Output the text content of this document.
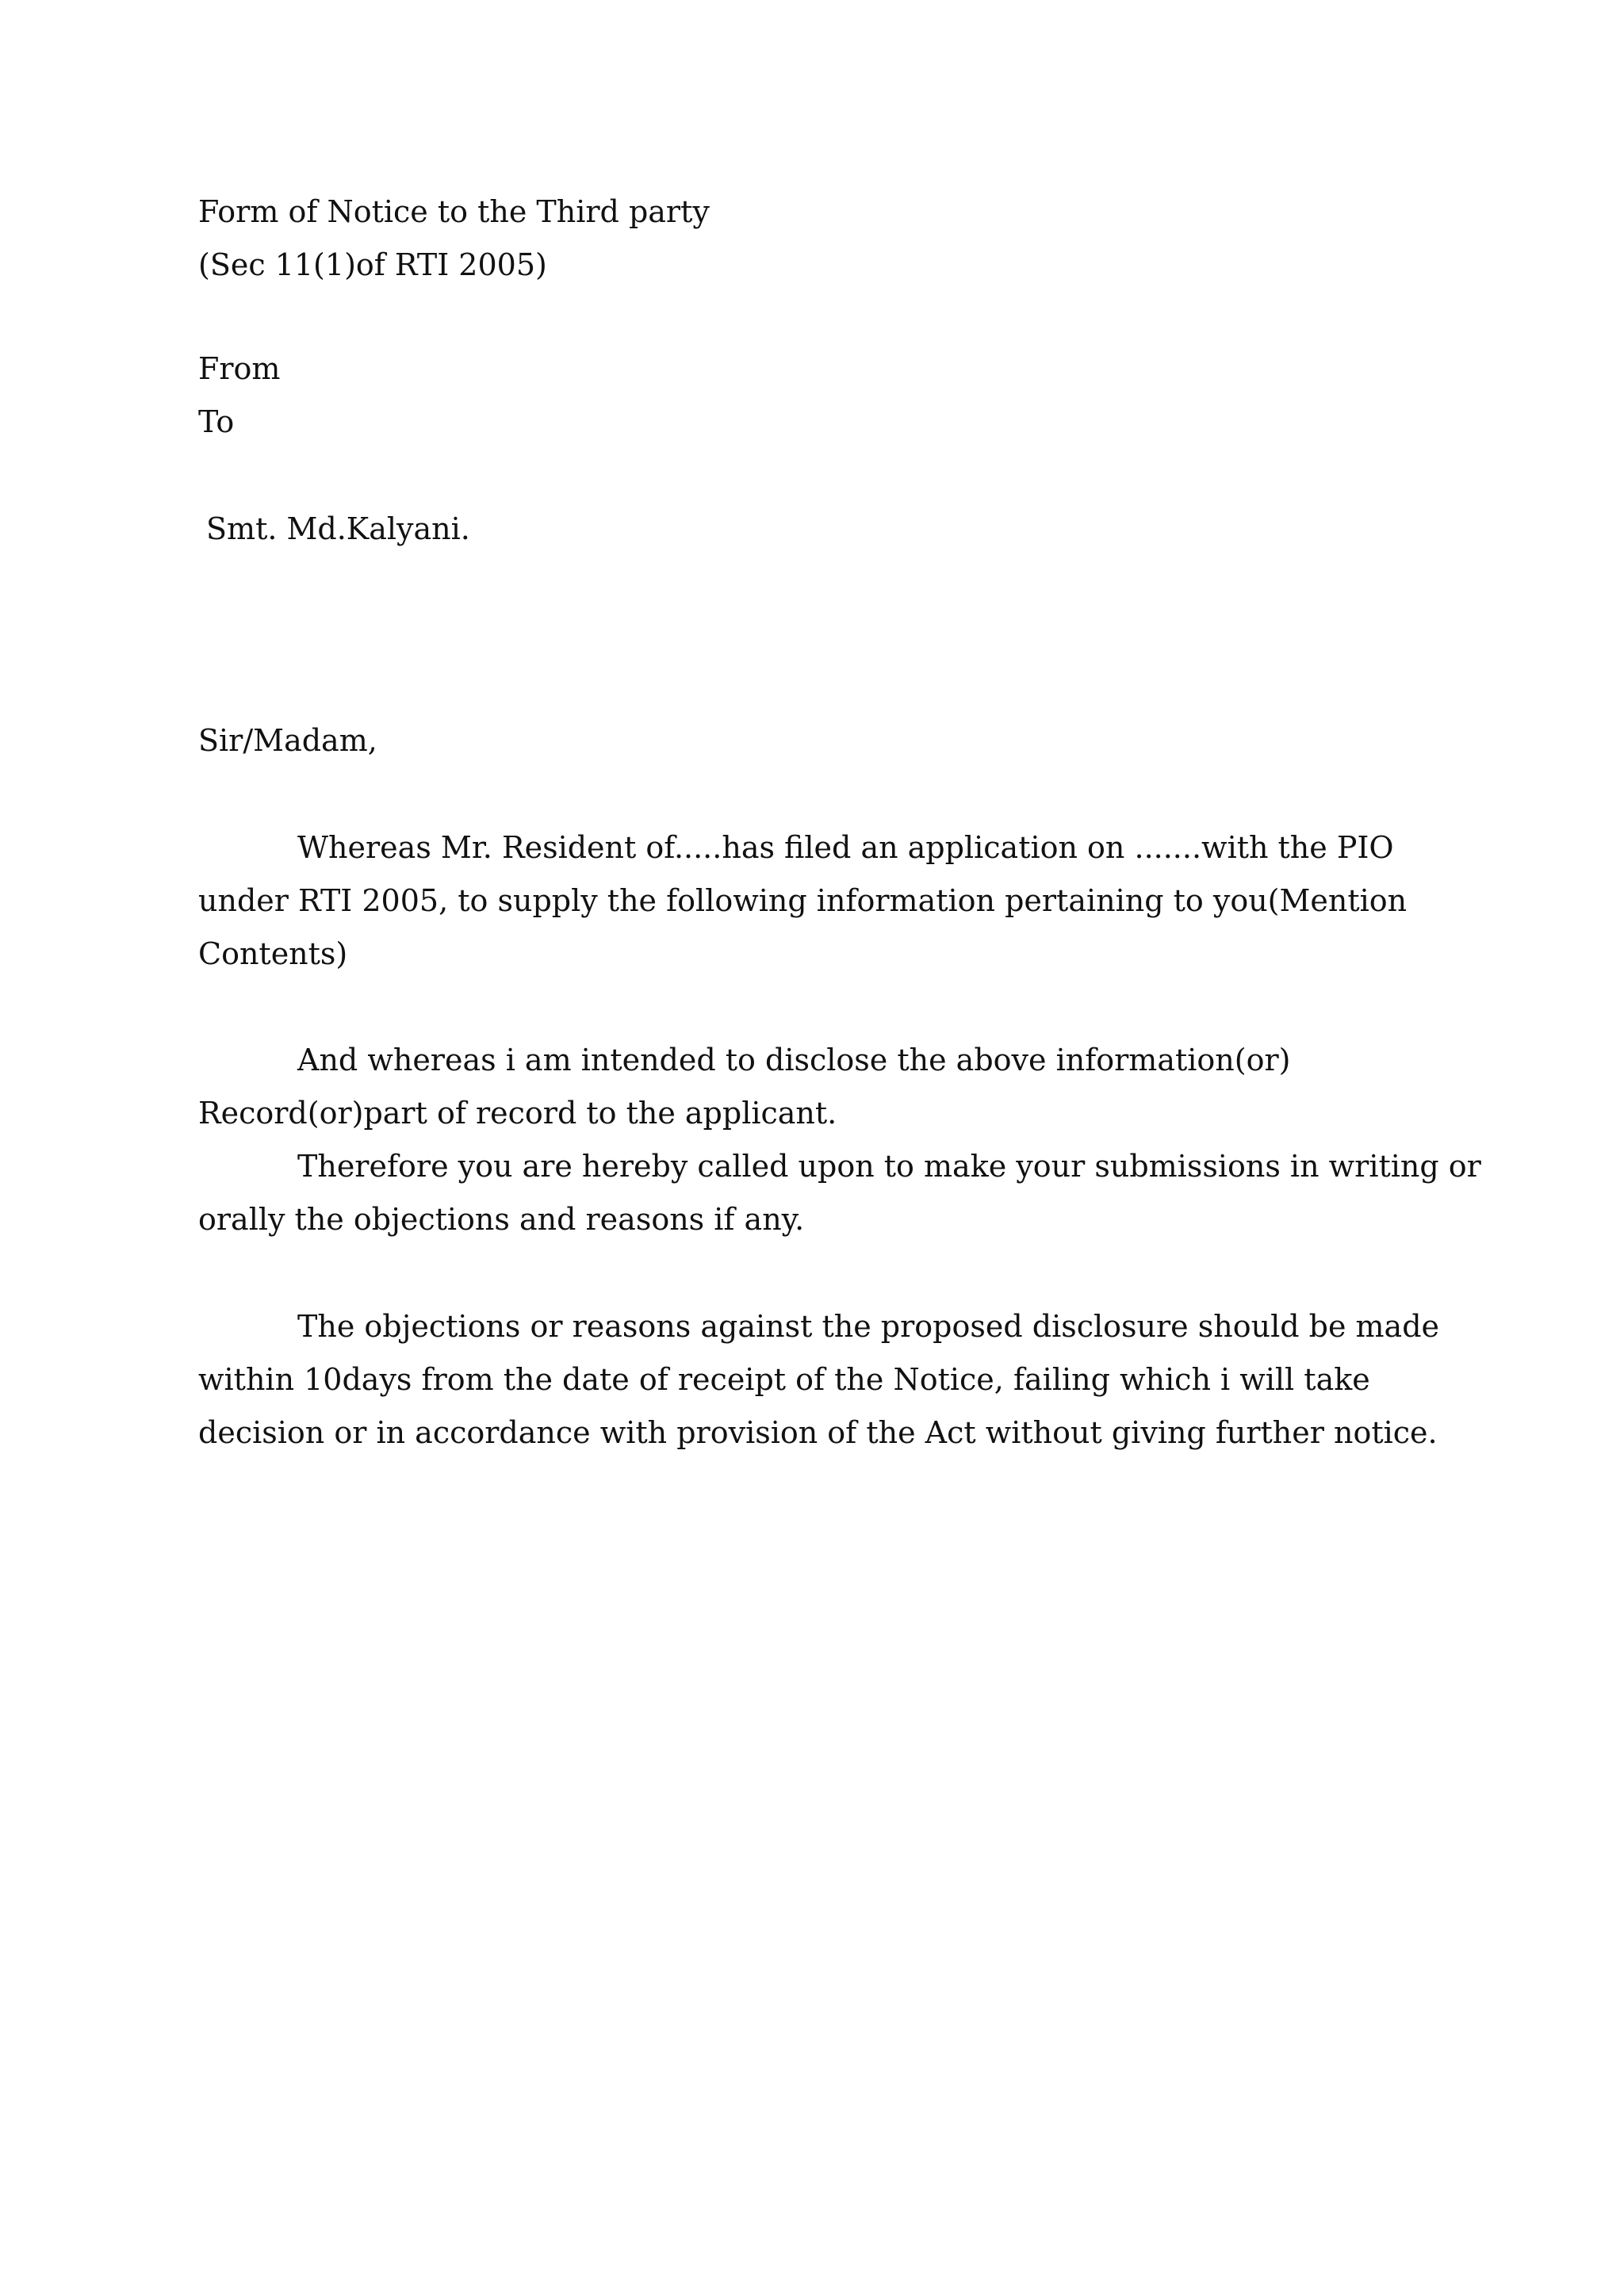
Form of Notice to the Third party
(Sec 11(1)of RTI 2005)
From
To
Smt. Md.Kalyani.
Sir/Madam,
Whereas Mr. Resident of.....has filed an application on .......with the PIO
under RTI 2005, to supply the following information pertaining to you(Mention
Contents)
And whereas i am intended to disclose the above information(or)
Record(or)part of record to the applicant.
Therefore you are hereby called upon to make your submissions in writing or
orally the objections and reasons if any.
The objections or reasons against the proposed disclosure should be made
within 10days from the date of receipt of the Notice, failing which i will take
decision or in accordance with provision of the Act without giving further notice.
